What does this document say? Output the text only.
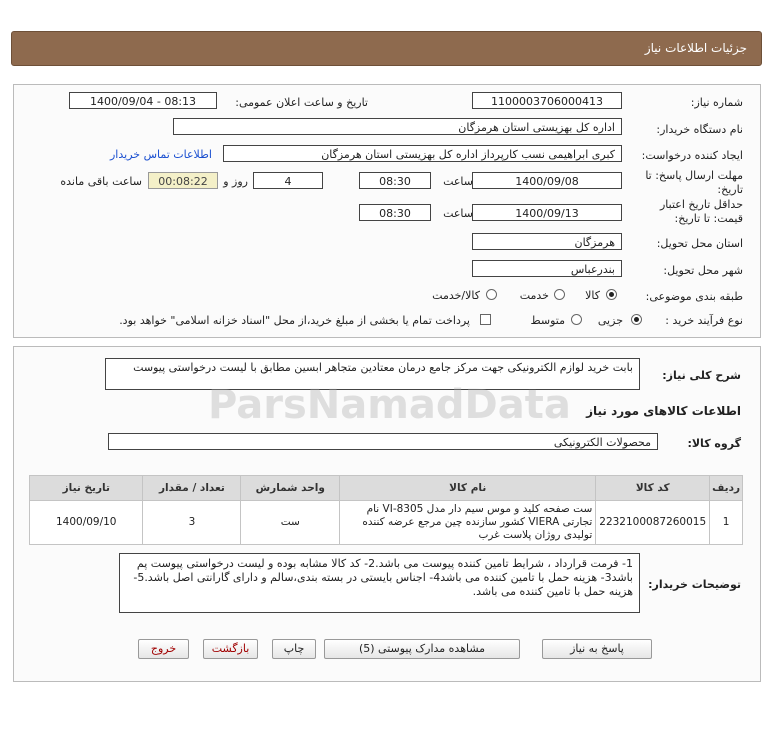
جزئیات اطلاعات نیاز
شماره نیاز:
1100003706000413
تاریخ و ساعت اعلان عمومی:
1400/09/04 - 08:13
نام دستگاه خریدار:
اداره کل بهزیستی استان هرمزگان
ایجاد کننده درخواست:
کبری ابراهیمی نسب کارپرداز اداره کل بهزیستی استان هرمزگان
اطلاعات تماس خریدار
مهلت ارسال پاسخ: تا
تاریخ:
1400/09/08
ساعت
08:30
4
روز و
00:08:22
ساعت باقی مانده
حداقل تاریخ اعتبار
قیمت: تا تاریخ:
1400/09/13
ساعت
08:30
استان محل تحویل:
هرمزگان
شهر محل تحویل:
بندرعباس
طبقه بندی موضوعی:
کالا
خدمت
کالا/خدمت
نوع فرآیند خرید :
جزیی
متوسط
پرداخت تمام یا بخشی از مبلغ خرید،از محل "اسناد خزانه اسلامی" خواهد بود.
شرح کلی نیاز:
بابت خرید لوازم الکترونیکی جهت مرکز جامع درمان معتادین متجاهر ابسین مطابق با لیست درخواستی پیوست
اطلاعات کالاهای مورد نیاز
گروه کالا:
محصولات الکترونیکی
ردیف	کد کالا	نام کالا	واحد شمارش	تعداد / مقدار	تاریخ نیاز
1	2232100087260015	ست صفحه کلید و موس سیم دار مدل VI-8305 نام تجارتی VIERA کشور سازنده چین مرجع عرضه کننده تولیدی روژان پلاست غرب	ست	3	1400/09/10
توضیحات خریدار:
1- فرمت قرارداد ، شرایط تامین کننده پیوست می باشد.2- کد کالا مشابه بوده و لیست درخواستی پیوست پم باشد3- هزینه حمل با تامین کننده می باشد4- اجناس بایستی در بسته بندی،سالم و دارای گارانتی اصل باشد.5- هزینه حمل با تامین کننده می باشد.
پاسخ به نیاز
مشاهده مدارک پیوستی (5)
چاپ
بازگشت
خروج
ParsNamadData
